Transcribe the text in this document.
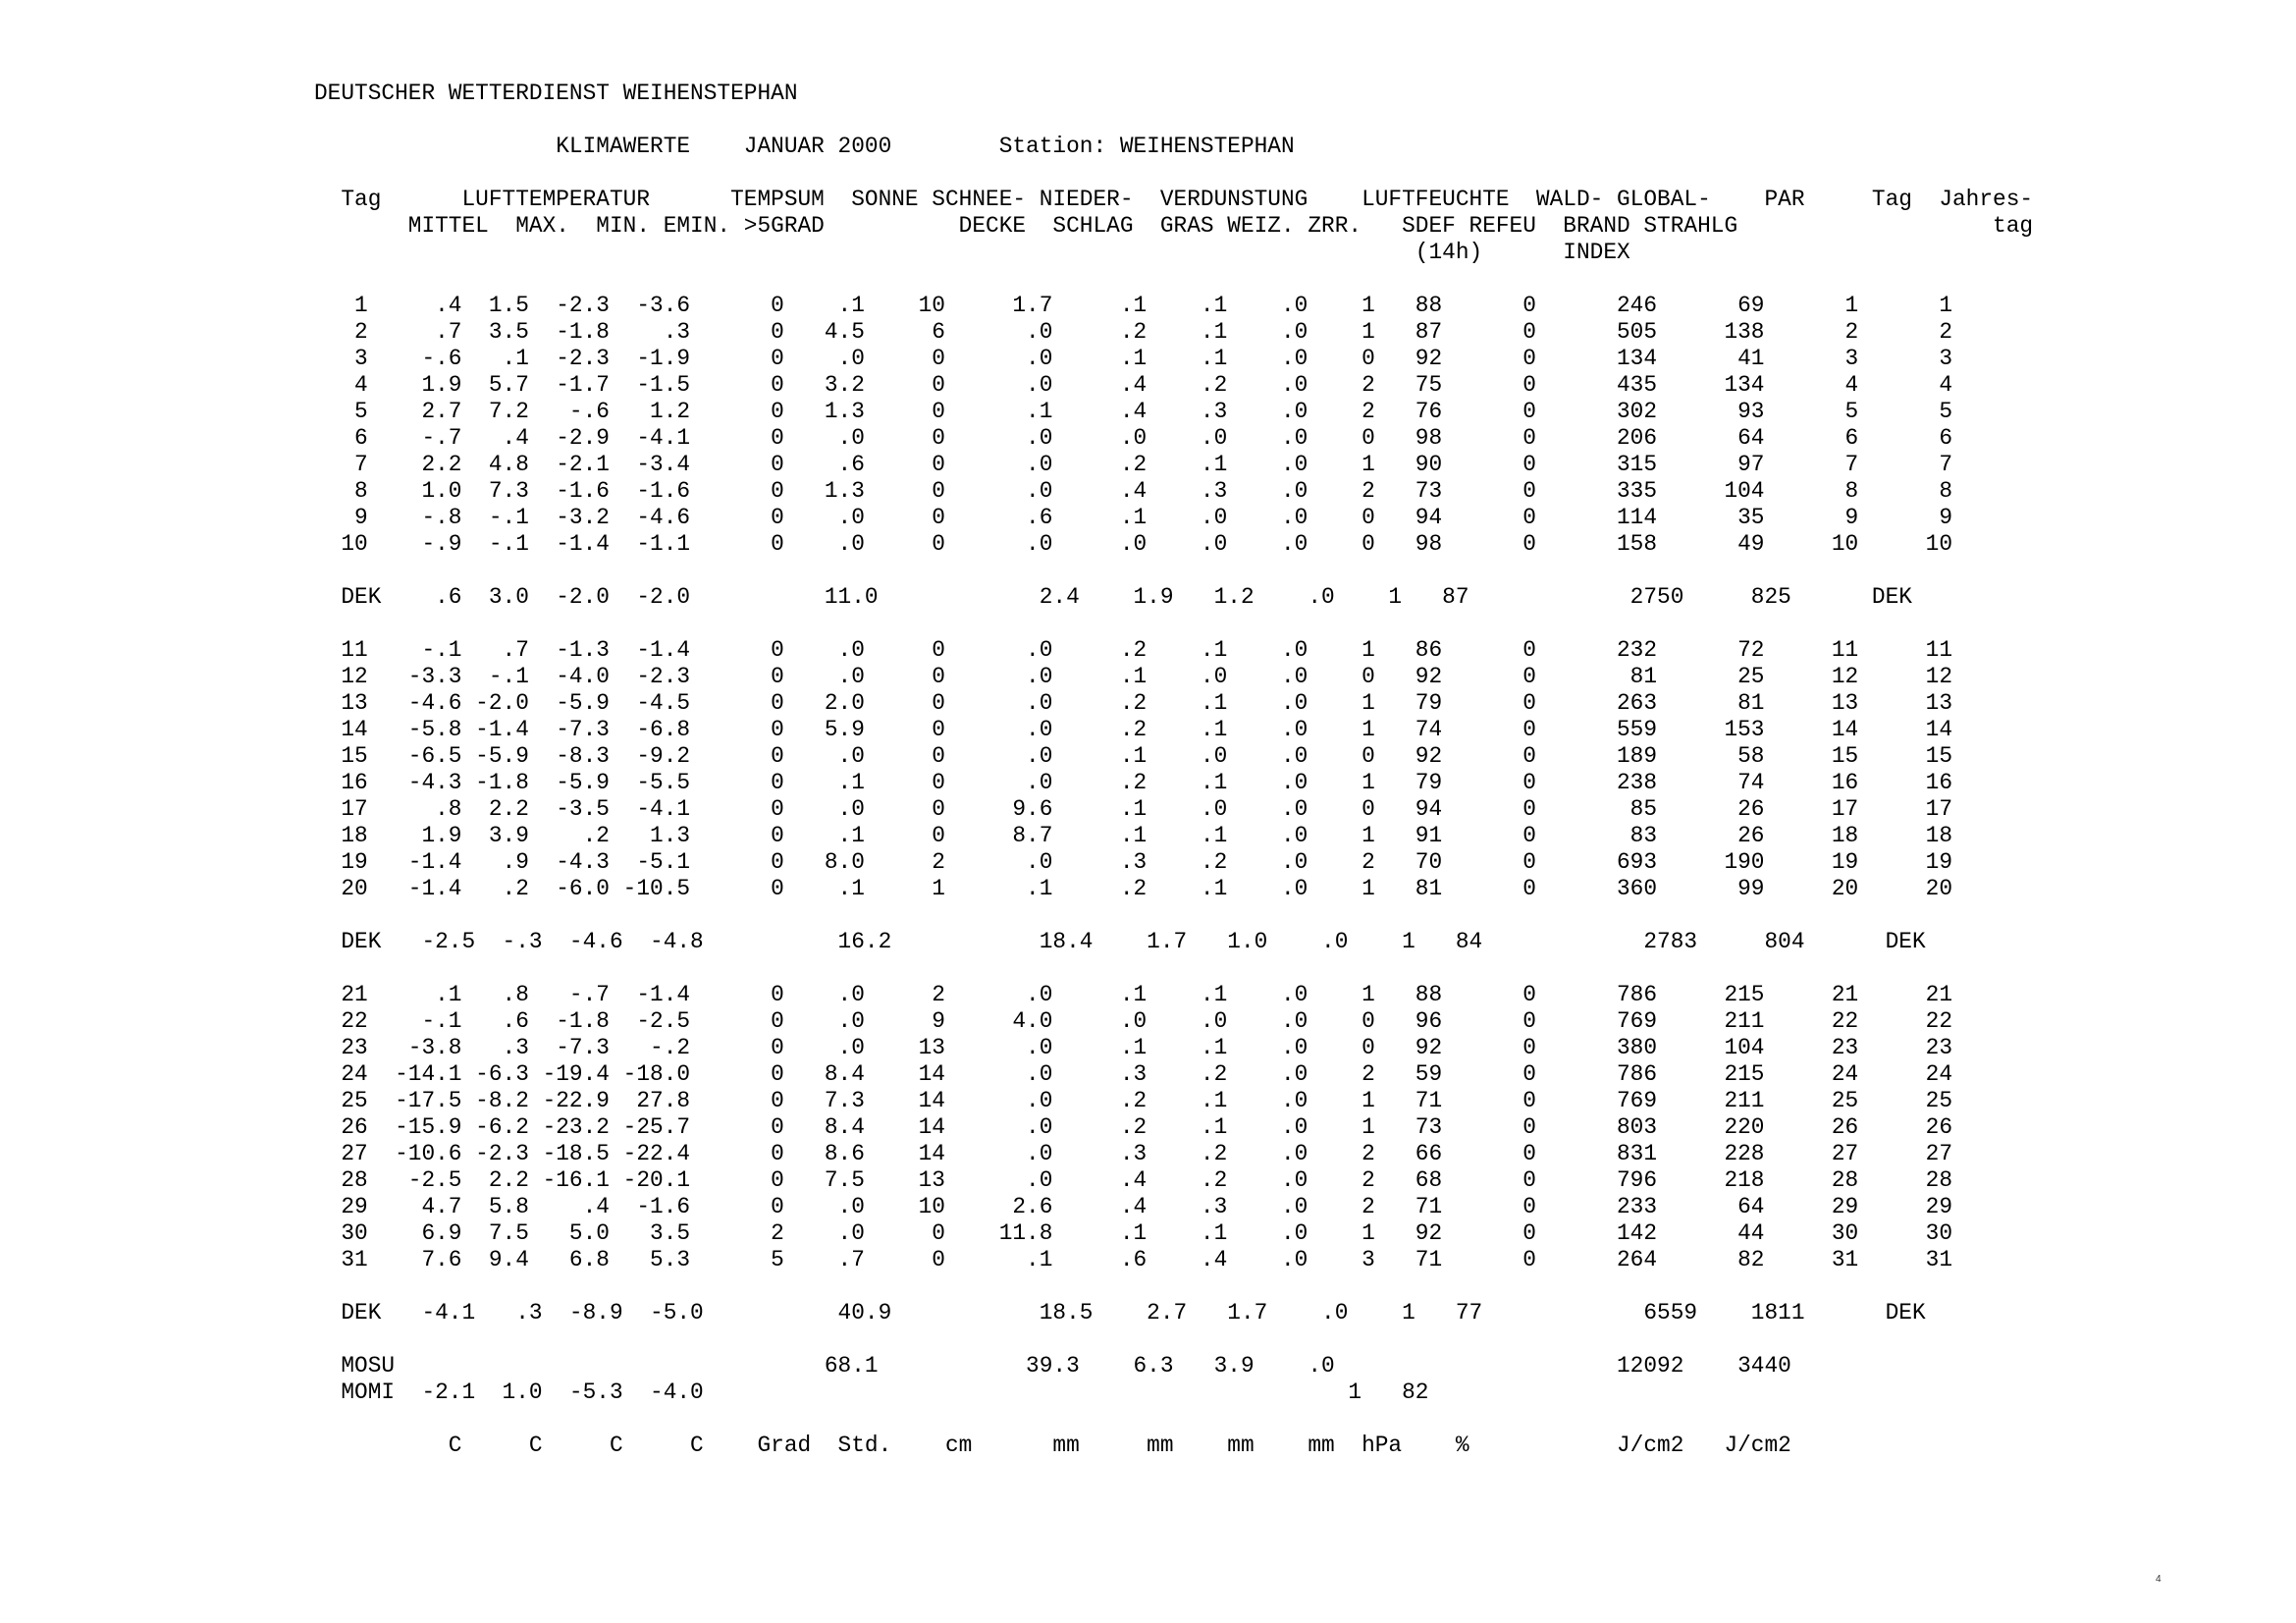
DEUTSCHER WETTERDIENST WEIHENSTEPHAN
KLIMAWERTE    JANUAR 2000        Station: WEIHENSTEPHAN
Tag      LUFTTEMPERATUR      TEMPSUM  SONNE SCHNEE- NIEDER-  VERDUNSTUNG    LUFTFEUCHTE  WALD- GLOBAL-    PAR     Tag  Jahres-
MITTEL  MAX.  MIN. EMIN. >5GRAD          DECKE  SCHLAG  GRAS WEIZ. ZRR.   SDEF REFEU  BRAND STRAHLG                   tag
(14h)      INDEX
1     .4  1.5  -2.3  -3.6      0    .1    10     1.7     .1    .1    .0    1   88      0      246      69      1      1
2     .7  3.5  -1.8    .3      0   4.5     6      .0     .2    .1    .0    1   87      0      505     138      2      2
3    -.6   .1  -2.3  -1.9      0    .0     0      .0     .1    .1    .0    0   92      0      134      41      3      3
4    1.9  5.7  -1.7  -1.5      0   3.2     0      .0     .4    .2    .0    2   75      0      435     134      4      4
5    2.7  7.2   -.6   1.2      0   1.3     0      .1     .4    .3    .0    2   76      0      302      93      5      5
6    -.7   .4  -2.9  -4.1      0    .0     0      .0     .0    .0    .0    0   98      0      206      64      6      6
7    2.2  4.8  -2.1  -3.4      0    .6     0      .0     .2    .1    .0    1   90      0      315      97      7      7
8    1.0  7.3  -1.6  -1.6      0   1.3     0      .0     .4    .3    .0    2   73      0      335     104      8      8
9    -.8  -.1  -3.2  -4.6      0    .0     0      .6     .1    .0    .0    0   94      0      114      35      9      9
10    -.9  -.1  -1.4  -1.1      0    .0     0      .0     .0    .0    .0    0   98      0      158      49     10     10
DEK    .6  3.0  -2.0  -2.0          11.0            2.4    1.9   1.2    .0    1   87            2750     825      DEK
11    -.1   .7  -1.3  -1.4      0    .0     0      .0     .2    .1    .0    1   86      0      232      72     11     11
12   -3.3  -.1  -4.0  -2.3      0    .0     0      .0     .1    .0    .0    0   92      0       81      25     12     12
13   -4.6 -2.0  -5.9  -4.5      0   2.0     0      .0     .2    .1    .0    1   79      0      263      81     13     13
14   -5.8 -1.4  -7.3  -6.8      0   5.9     0      .0     .2    .1    .0    1   74      0      559     153     14     14
15   -6.5 -5.9  -8.3  -9.2      0    .0     0      .0     .1    .0    .0    0   92      0      189      58     15     15
16   -4.3 -1.8  -5.9  -5.5      0    .1     0      .0     .2    .1    .0    1   79      0      238      74     16     16
17     .8  2.2  -3.5  -4.1      0    .0     0     9.6     .1    .0    .0    0   94      0       85      26     17     17
18    1.9  3.9    .2   1.3      0    .1     0     8.7     .1    .1    .0    1   91      0       83      26     18     18
19   -1.4   .9  -4.3  -5.1      0   8.0     2      .0     .3    .2    .0    2   70      0      693     190     19     19
20   -1.4   .2  -6.0 -10.5      0    .1     1      .1     .2    .1    .0    1   81      0      360      99     20     20
DEK   -2.5  -.3  -4.6  -4.8          16.2           18.4    1.7   1.0    .0    1   84            2783     804      DEK
21     .1   .8   -.7  -1.4      0    .0     2      .0     .1    .1    .0    1   88      0      786     215     21     21
22    -.1   .6  -1.8  -2.5      0    .0     9     4.0     .0    .0    .0    0   96      0      769     211     22     22
23   -3.8   .3  -7.3   -.2      0    .0    13      .0     .1    .1    .0    0   92      0      380     104     23     23
24  -14.1 -6.3 -19.4 -18.0      0   8.4    14      .0     .3    .2    .0    2   59      0      786     215     24     24
25  -17.5 -8.2 -22.9  27.8      0   7.3    14      .0     .2    .1    .0    1   71      0      769     211     25     25
26  -15.9 -6.2 -23.2 -25.7      0   8.4    14      .0     .2    .1    .0    1   73      0      803     220     26     26
27  -10.6 -2.3 -18.5 -22.4      0   8.6    14      .0     .3    .2    .0    2   66      0      831     228     27     27
28   -2.5  2.2 -16.1 -20.1      0   7.5    13      .0     .4    .2    .0    2   68      0      796     218     28     28
29    4.7  5.8    .4  -1.6      0    .0    10     2.6     .4    .3    .0    2   71      0      233      64     29     29
30    6.9  7.5   5.0   3.5      2    .0     0    11.8     .1    .1    .0    1   92      0      142      44     30     30
31    7.6  9.4   6.8   5.3      5    .7     0      .1     .6    .4    .0    3   71      0      264      82     31     31
DEK   -4.1   .3  -8.9  -5.0          40.9           18.5    2.7   1.7    .0    1   77            6559    1811      DEK
MOSU                                68.1           39.3    6.3   3.9    .0                     12092    3440
MOMI  -2.1  1.0  -5.3  -4.0                                                1   82
C     C     C     C    Grad  Std.    cm      mm     mm    mm    mm  hPa    %           J/cm2   J/cm2
4
